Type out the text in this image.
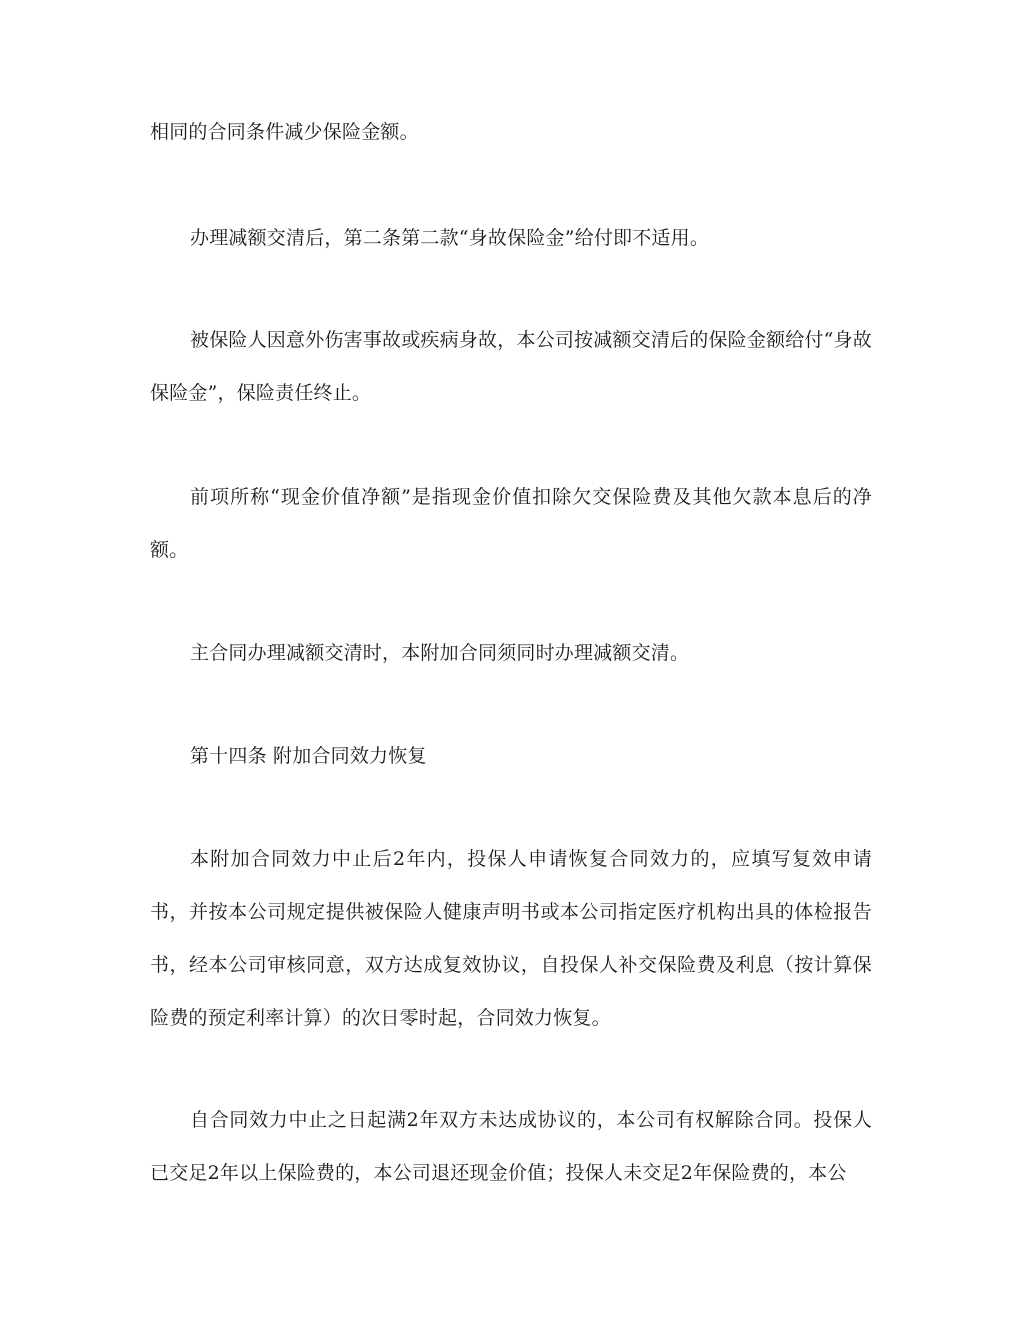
相同的合同条件减少保险金额。

办理减额交清后，第二条第二款“身故保险金”给付即不适用。

被保险人因意外伤害事故或疾病身故，本公司按减额交清后的保险金额给付“身故保险金”，保险责任终止。

前项所称“现金价值净额”是指现金价值扣除欠交保险费及其他欠款本息后的净额。

主合同办理减额交清时，本附加合同须同时办理减额交清。

第十四条 附加合同效力恢复

本附加合同效力中止后2年内，投保人申请恢复合同效力的，应填写复效申请书，并按本公司规定提供被保险人健康声明书或本公司指定医疗机构出具的体检报告书，经本公司审核同意，双方达成复效协议，自投保人补交保险费及利息（按计算保险费的预定利率计算）的次日零时起，合同效力恢复。

自合同效力中止之日起满2年双方未达成协议的，本公司有权解除合同。投保人已交足2年以上保险费的，本公司退还现金价值；投保人未交足2年保险费的，本公
